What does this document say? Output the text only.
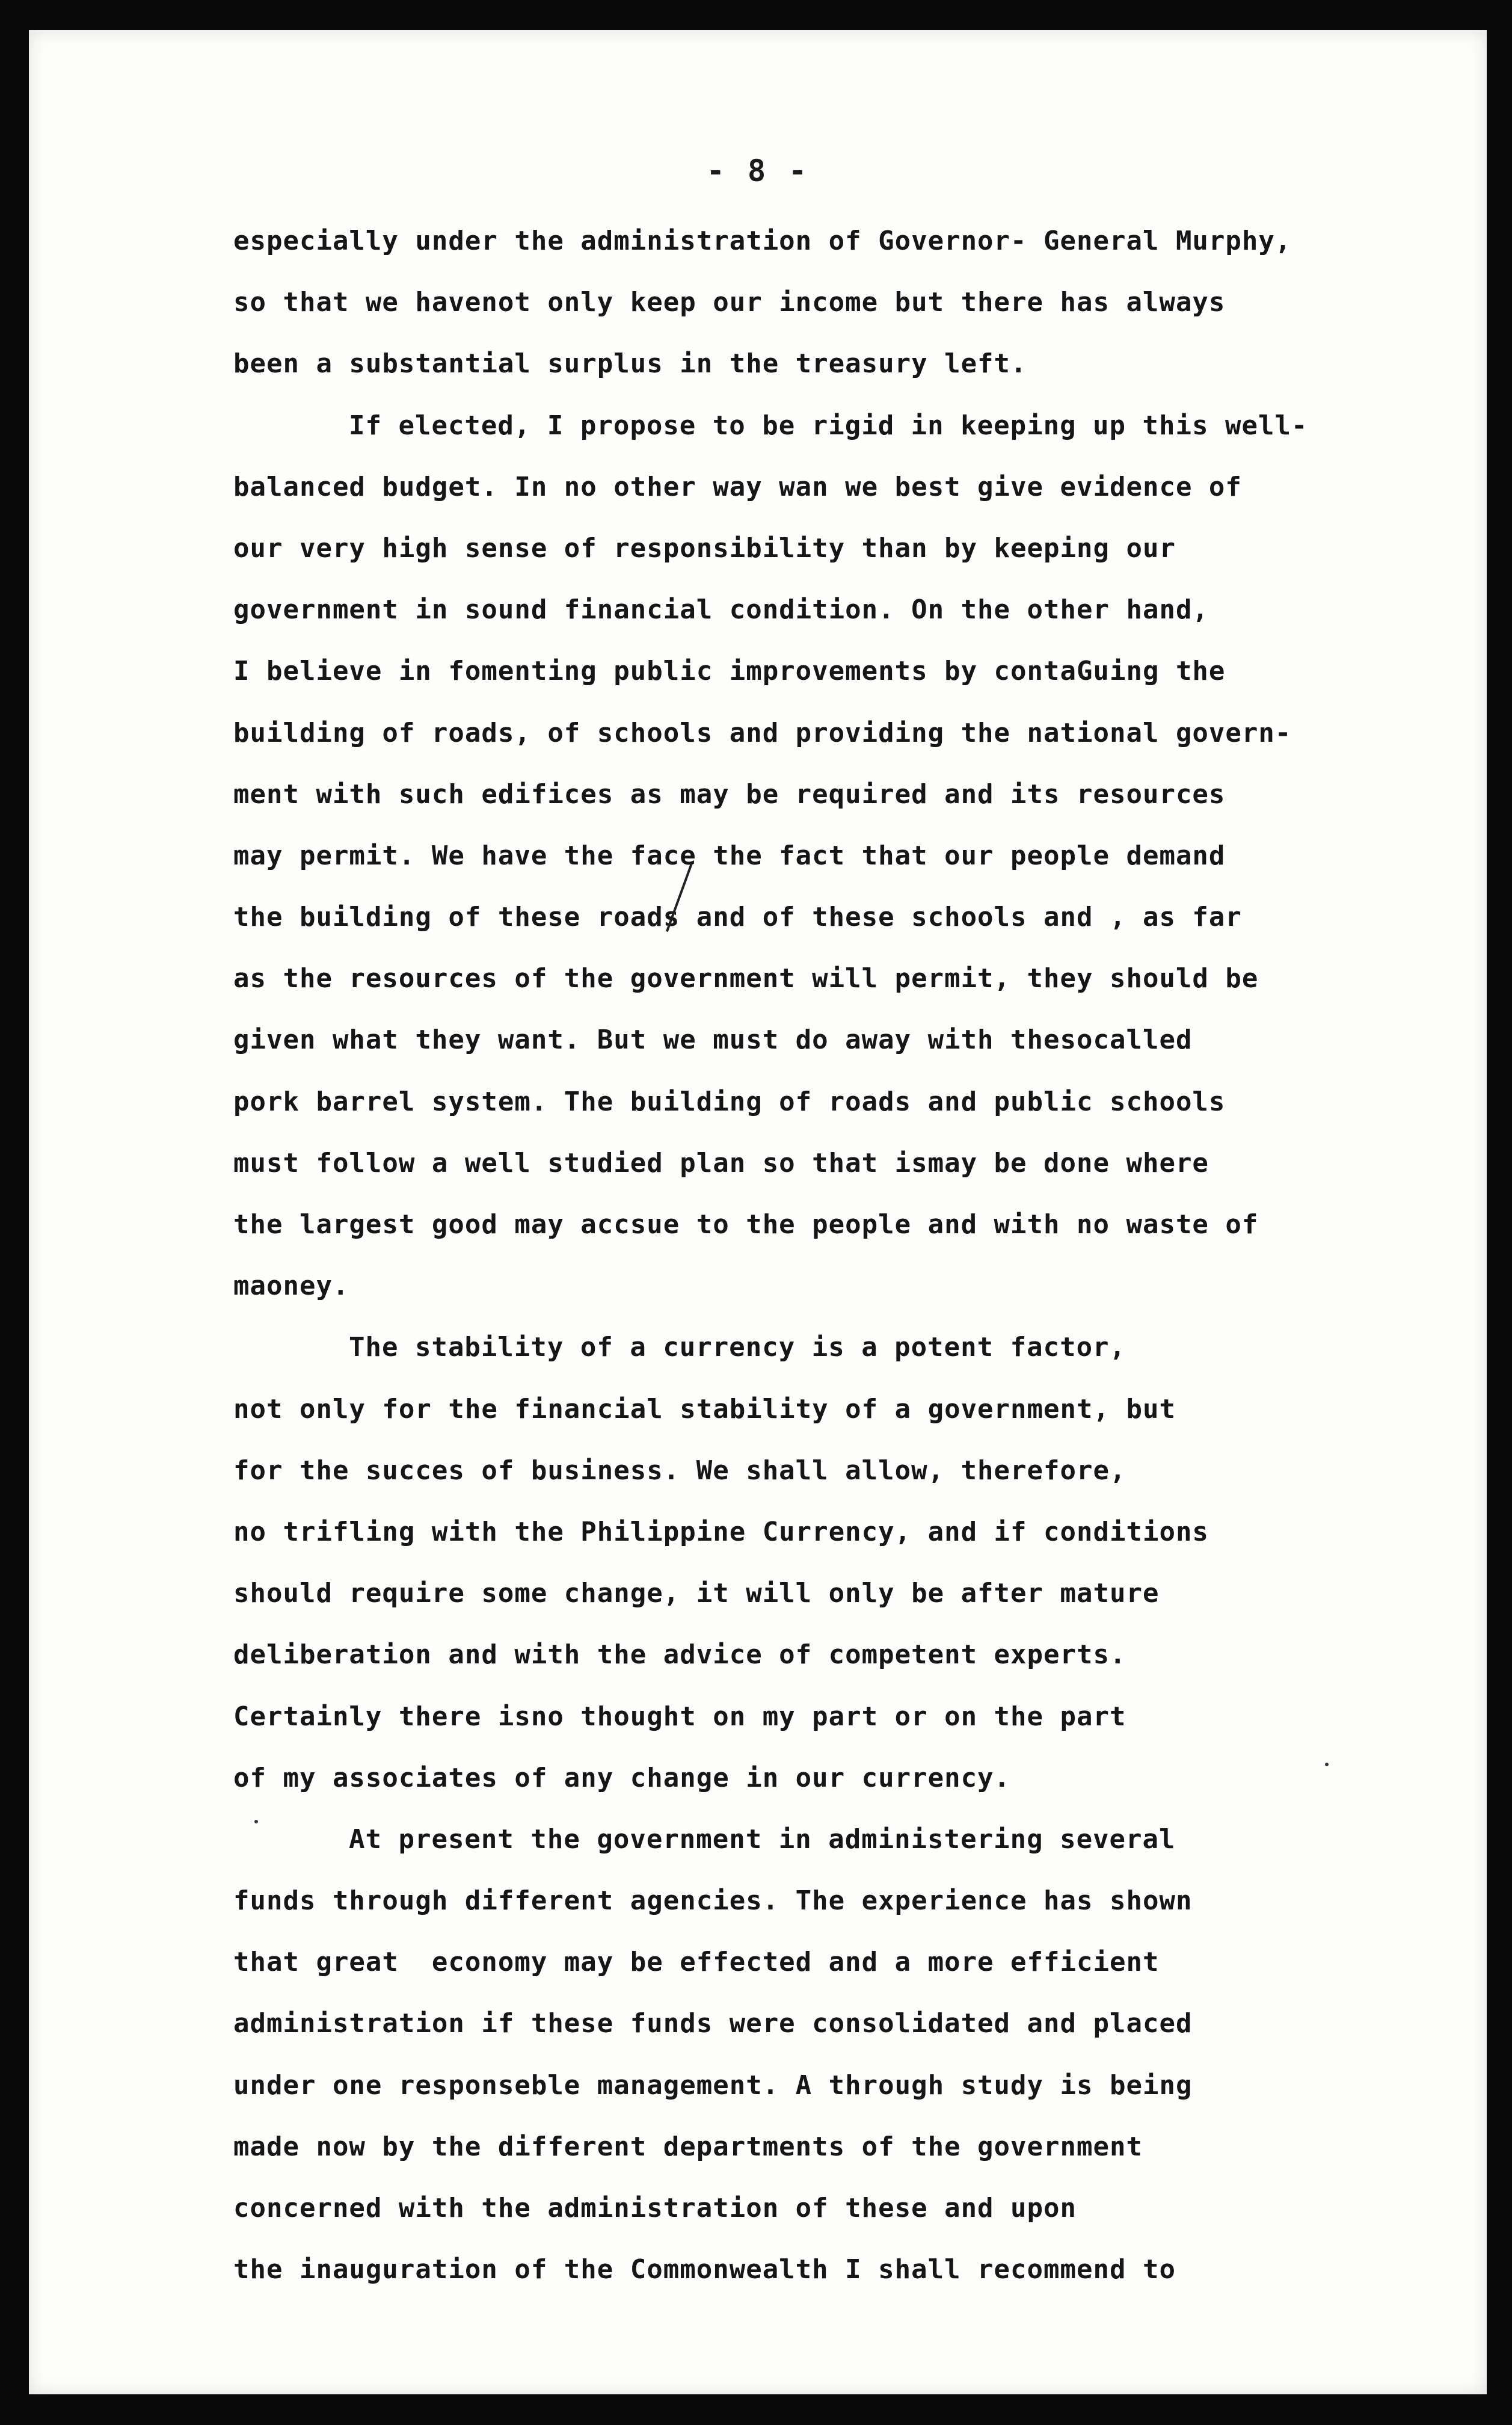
- 8 -
especially under the administration of Governor- General Murphy,
so that we havenot only keep our income but there has always
been a substantial surplus in the treasury left.
If elected, I propose to be rigid in keeping up this well-
balanced budget. In no other way wan we best give evidence of
our very high sense of responsibility than by keeping our
government in sound financial condition. On the other hand,
I believe in fomenting public improvements by contaGuing the
building of roads, of schools and providing the national govern-
ment with such edifices as may be required and its resources
may permit. We have the face the fact that our people demand
the building of these roads and of these schools and , as far
as the resources of the government will permit, they should be
given what they want. But we must do away with thesocalled
pork barrel system. The building of roads and public schools
must follow a well studied plan so that ismay be done where
the largest good may accsue to the people and with no waste of
maoney.
The stability of a currency is a potent factor,
not only for the financial stability of a government, but
for the succes of business. We shall allow, therefore,
no trifling with the Philippine Currency, and if conditions
should require some change, it will only be after mature
deliberation and with the advice of competent experts.
Certainly there isno thought on my part or on the part
of my associates of any change in our currency.
At present the government in administering several
funds through different agencies. The experience has shown
that great  economy may be effected and a more efficient
administration if these funds were consolidated and placed
under one responseble management. A through study is being
made now by the different departments of the government
concerned with the administration of these and upon
the inauguration of the Commonwealth I shall recommend to
